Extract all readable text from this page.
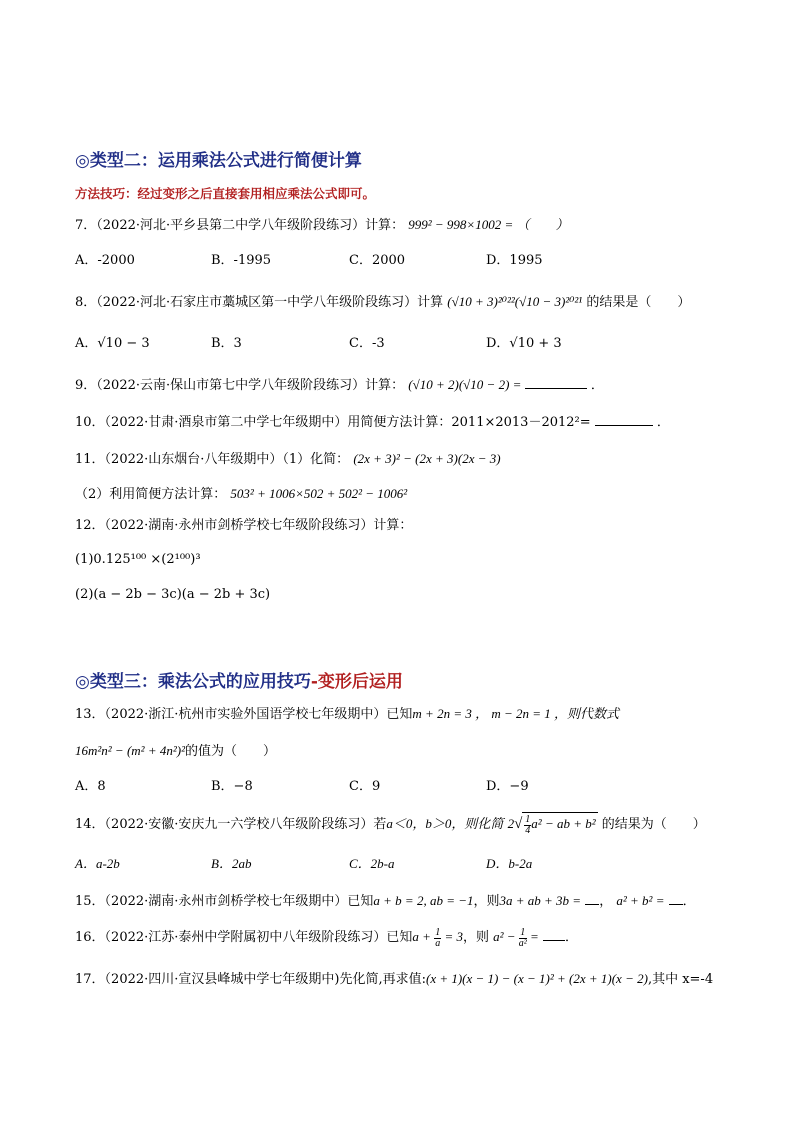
◎类型二：运用乘法公式进行简便计算
方法技巧：经过变形之后直接套用相应乘法公式即可。
7．（2022·河北·平乡县第二中学八年级阶段练习）计算： 999² − 998×1002 = （　　）
A．-2000	B．-1995	C．2000	D．1995
8．（2022·河北·石家庄市藁城区第一中学八年级阶段练习）计算 (√10 + 3)²⁰²²(√10 − 3)²⁰²¹ 的结果是（　　）
A．√10 − 3	B．3	C．-3	D．√10 + 3
9．（2022·云南·保山市第七中学八年级阶段练习）计算： (√10 + 2)(√10 − 2) =	．
10．（2022·甘肃·酒泉市第二中学七年级期中）用简便方法计算：2011×2013－2012²=	．
11．（2022·山东烟台·八年级期中）（1）化简： (2x + 3)² − (2x + 3)(2x − 3)
（2）利用简便方法计算： 503² + 1006×502 + 502² − 1006²
12．（2022·湖南·永州市剑桥学校七年级阶段练习）计算：
(1)0.125¹⁰⁰ ×(2¹⁰⁰)³
(2)(a − 2b − 3c)(a − 2b + 3c)
◎类型三：乘法公式的应用技巧-变形后运用
13．（2022·浙江·杭州市实验外国语学校七年级期中）已知m + 2n = 3 ， m − 2n = 1 ，则代数式
16m²n² − (m² + 4n²)²的值为（　　）
A．8	B．−8	C．9	D．−9
14．（2022·安徽·安庆九一六学校八年级阶段练习）若a＜0，b＞0，则化简 $2√ \frac{1}{4} a^2$ − ab + b² 的结果为（　　）
A．a-2b	B．2ab	C．2b-a	D．b-2a
15．（2022·湖南·永州市剑桥学校七年级期中）已知a + b = 2, ab = −1，则3a + ab + 3b = ， a² + b² = ．
16．（2022·江苏·泰州中学附属初中八年级阶段练习）已知$a + \frac{1}{a} = 3$，则 $a^2 - \frac{1}{\text{a²}}$ = ．
17．（2022·四川·宣汉县峰城中学七年级期中)先化简,再求值:(x + 1)(x − 1) − (x − 1)² + (2x + 1)(x − 2),其中 x=-4
